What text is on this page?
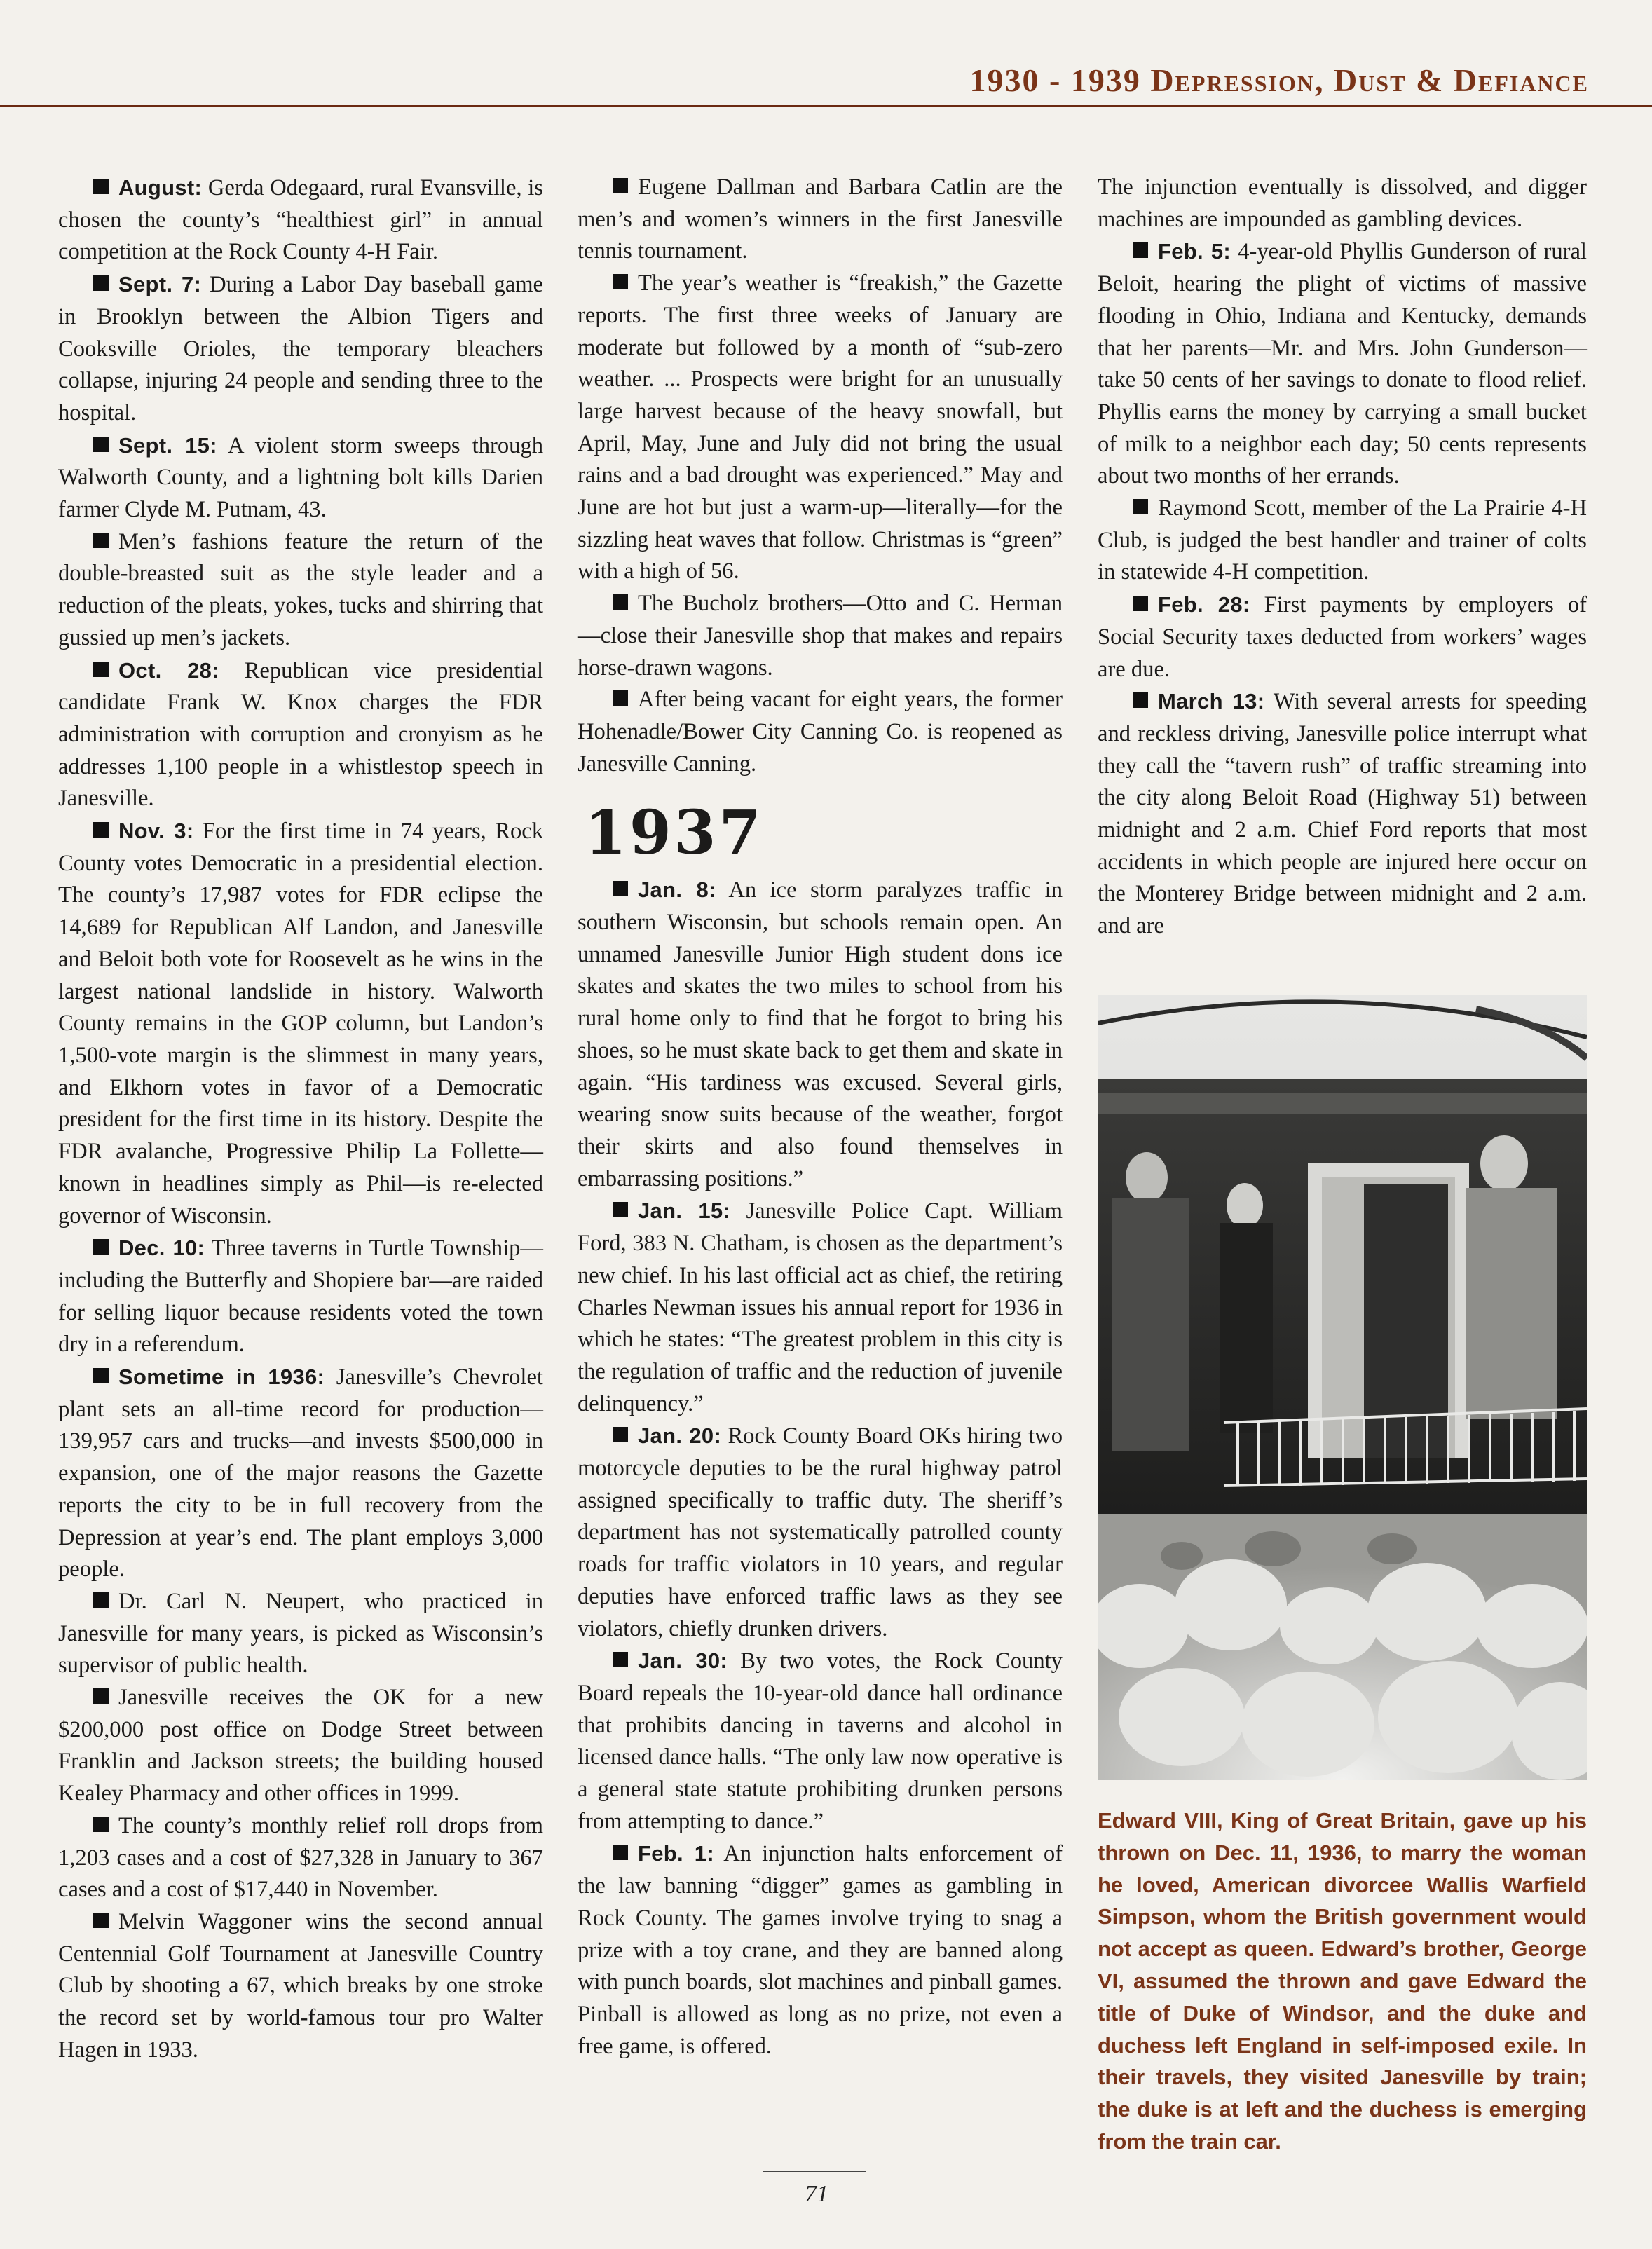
1930 - 1939 Depression, Dust & Defiance

August: Gerda Odegaard, rural Evansville, is chosen the county’s “healthiest girl” in annual competition at the Rock County 4-H Fair.

Sept. 7: During a Labor Day baseball game in Brooklyn between the Albion Tigers and Cooksville Orioles, the temporary bleachers collapse, injuring 24 people and sending three to the hospital.

Sept. 15: A violent storm sweeps through Walworth County, and a lightning bolt kills Darien farmer Clyde M. Putnam, 43.

Men’s fashions feature the return of the double-breasted suit as the style leader and a reduction of the pleats, yokes, tucks and shirring that gussied up men’s jackets.

Oct. 28: Republican vice presidential candidate Frank W. Knox charges the FDR administration with corruption and cronyism as he addresses 1,100 people in a whistlestop speech in Janesville.

Nov. 3: For the first time in 74 years, Rock County votes Democratic in a presidential election. The county’s 17,987 votes for FDR eclipse the 14,689 for Republican Alf Landon, and Janesville and Beloit both vote for Roosevelt as he wins in the largest national landslide in history. Walworth County remains in the GOP column, but Landon’s 1,500-vote margin is the slimmest in many years, and Elkhorn votes in favor of a Democratic president for the first time in its history. Despite the FDR avalanche, Progressive Philip La Follette—known in headlines simply as Phil—is re-elected governor of Wisconsin.

Dec. 10: Three taverns in Turtle Township—including the Butterfly and Shopiere bar—are raided for selling liquor because residents voted the town dry in a referendum.

Sometime in 1936: Janesville’s Chevrolet plant sets an all-time record for production—139,957 cars and trucks—and invests $500,000 in expansion, one of the major reasons the Gazette reports the city to be in full recovery from the Depression at year’s end. The plant employs 3,000 people.

Dr. Carl N. Neupert, who practiced in Janesville for many years, is picked as Wisconsin’s supervisor of public health.

Janesville receives the OK for a new $200,000 post office on Dodge Street between Franklin and Jackson streets; the building housed Kealey Pharmacy and other offices in 1999.

The county’s monthly relief roll drops from 1,203 cases and a cost of $27,328 in January to 367 cases and a cost of $17,440 in November.

Melvin Waggoner wins the second annual Centennial Golf Tournament at Janesville Country Club by shooting a 67, which breaks by one stroke the record set by world-famous tour pro Walter Hagen in 1933.

Eugene Dallman and Barbara Catlin are the men’s and women’s winners in the first Janesville tennis tournament.

The year’s weather is “freakish,” the Gazette reports. The first three weeks of January are moderate but followed by a month of “sub-zero weather. ... Prospects were bright for an unusually large harvest because of the heavy snowfall, but April, May, June and July did not bring the usual rains and a bad drought was experienced.” May and June are hot but just a warm-up—literally—for the sizzling heat waves that follow. Christmas is “green” with a high of 56.

The Bucholz brothers—Otto and C. Herman—close their Janesville shop that makes and repairs horse-drawn wagons.

After being vacant for eight years, the former Hohenadle/Bower City Canning Co. is reopened as Janesville Canning.

1937

Jan. 8: An ice storm paralyzes traffic in southern Wisconsin, but schools remain open. An unnamed Janesville Junior High student dons ice skates and skates the two miles to school from his rural home only to find that he forgot to bring his shoes, so he must skate back to get them and skate in again. “His tardiness was excused. Several girls, wearing snow suits because of the weather, forgot their skirts and also found themselves in embarrassing positions.”

Jan. 15: Janesville Police Capt. William Ford, 383 N. Chatham, is chosen as the department’s new chief. In his last official act as chief, the retiring Charles Newman issues his annual report for 1936 in which he states: “The greatest problem in this city is the regulation of traffic and the reduction of juvenile delinquency.”

Jan. 20: Rock County Board OKs hiring two motorcycle deputies to be the rural highway patrol assigned specifically to traffic duty. The sheriff’s department has not systematically patrolled county roads for traffic violators in 10 years, and regular deputies have enforced traffic laws as they see violators, chiefly drunken drivers.

Jan. 30: By two votes, the Rock County Board repeals the 10-year-old dance hall ordinance that prohibits dancing in taverns and alcohol in licensed dance halls. “The only law now operative is a general state statute prohibiting drunken persons from attempting to dance.”

Feb. 1: An injunction halts enforcement of the law banning “digger” games as gambling in Rock County. The games involve trying to snag a prize with a toy crane, and they are banned along with punch boards, slot machines and pinball games. Pinball is allowed as long as no prize, not even a free game, is offered.

The injunction eventually is dissolved, and digger machines are impounded as gambling devices.

Feb. 5: 4-year-old Phyllis Gunderson of rural Beloit, hearing the plight of victims of massive flooding in Ohio, Indiana and Kentucky, demands that her parents—Mr. and Mrs. John Gunderson—take 50 cents of her savings to donate to flood relief. Phyllis earns the money by carrying a small bucket of milk to a neighbor each day; 50 cents represents about two months of her errands.

Raymond Scott, member of the La Prairie 4-H Club, is judged the best handler and trainer of colts in statewide 4-H competition.

Feb. 28: First payments by employers of Social Security taxes deducted from workers’ wages are due.

March 13: With several arrests for speeding and reckless driving, Janesville police interrupt what they call the “tavern rush” of traffic streaming into the city along Beloit Road (Highway 51) between midnight and 2 a.m. Chief Ford reports that most accidents in which people are injured here occur on the Monterey Bridge between midnight and 2 a.m. and are

Edward VIII, King of Great Britain, gave up his thrown on Dec. 11, 1936, to marry the woman he loved, American divorcee Wallis Warfield Simpson, whom the British government would not accept as queen. Edward’s brother, George VI, assumed the thrown and gave Edward the title of Duke of Windsor, and the duke and duchess left England in self-imposed exile. In their travels, they visited Janesville by train; the duke is at left and the duchess is emerging from the train car.
71
